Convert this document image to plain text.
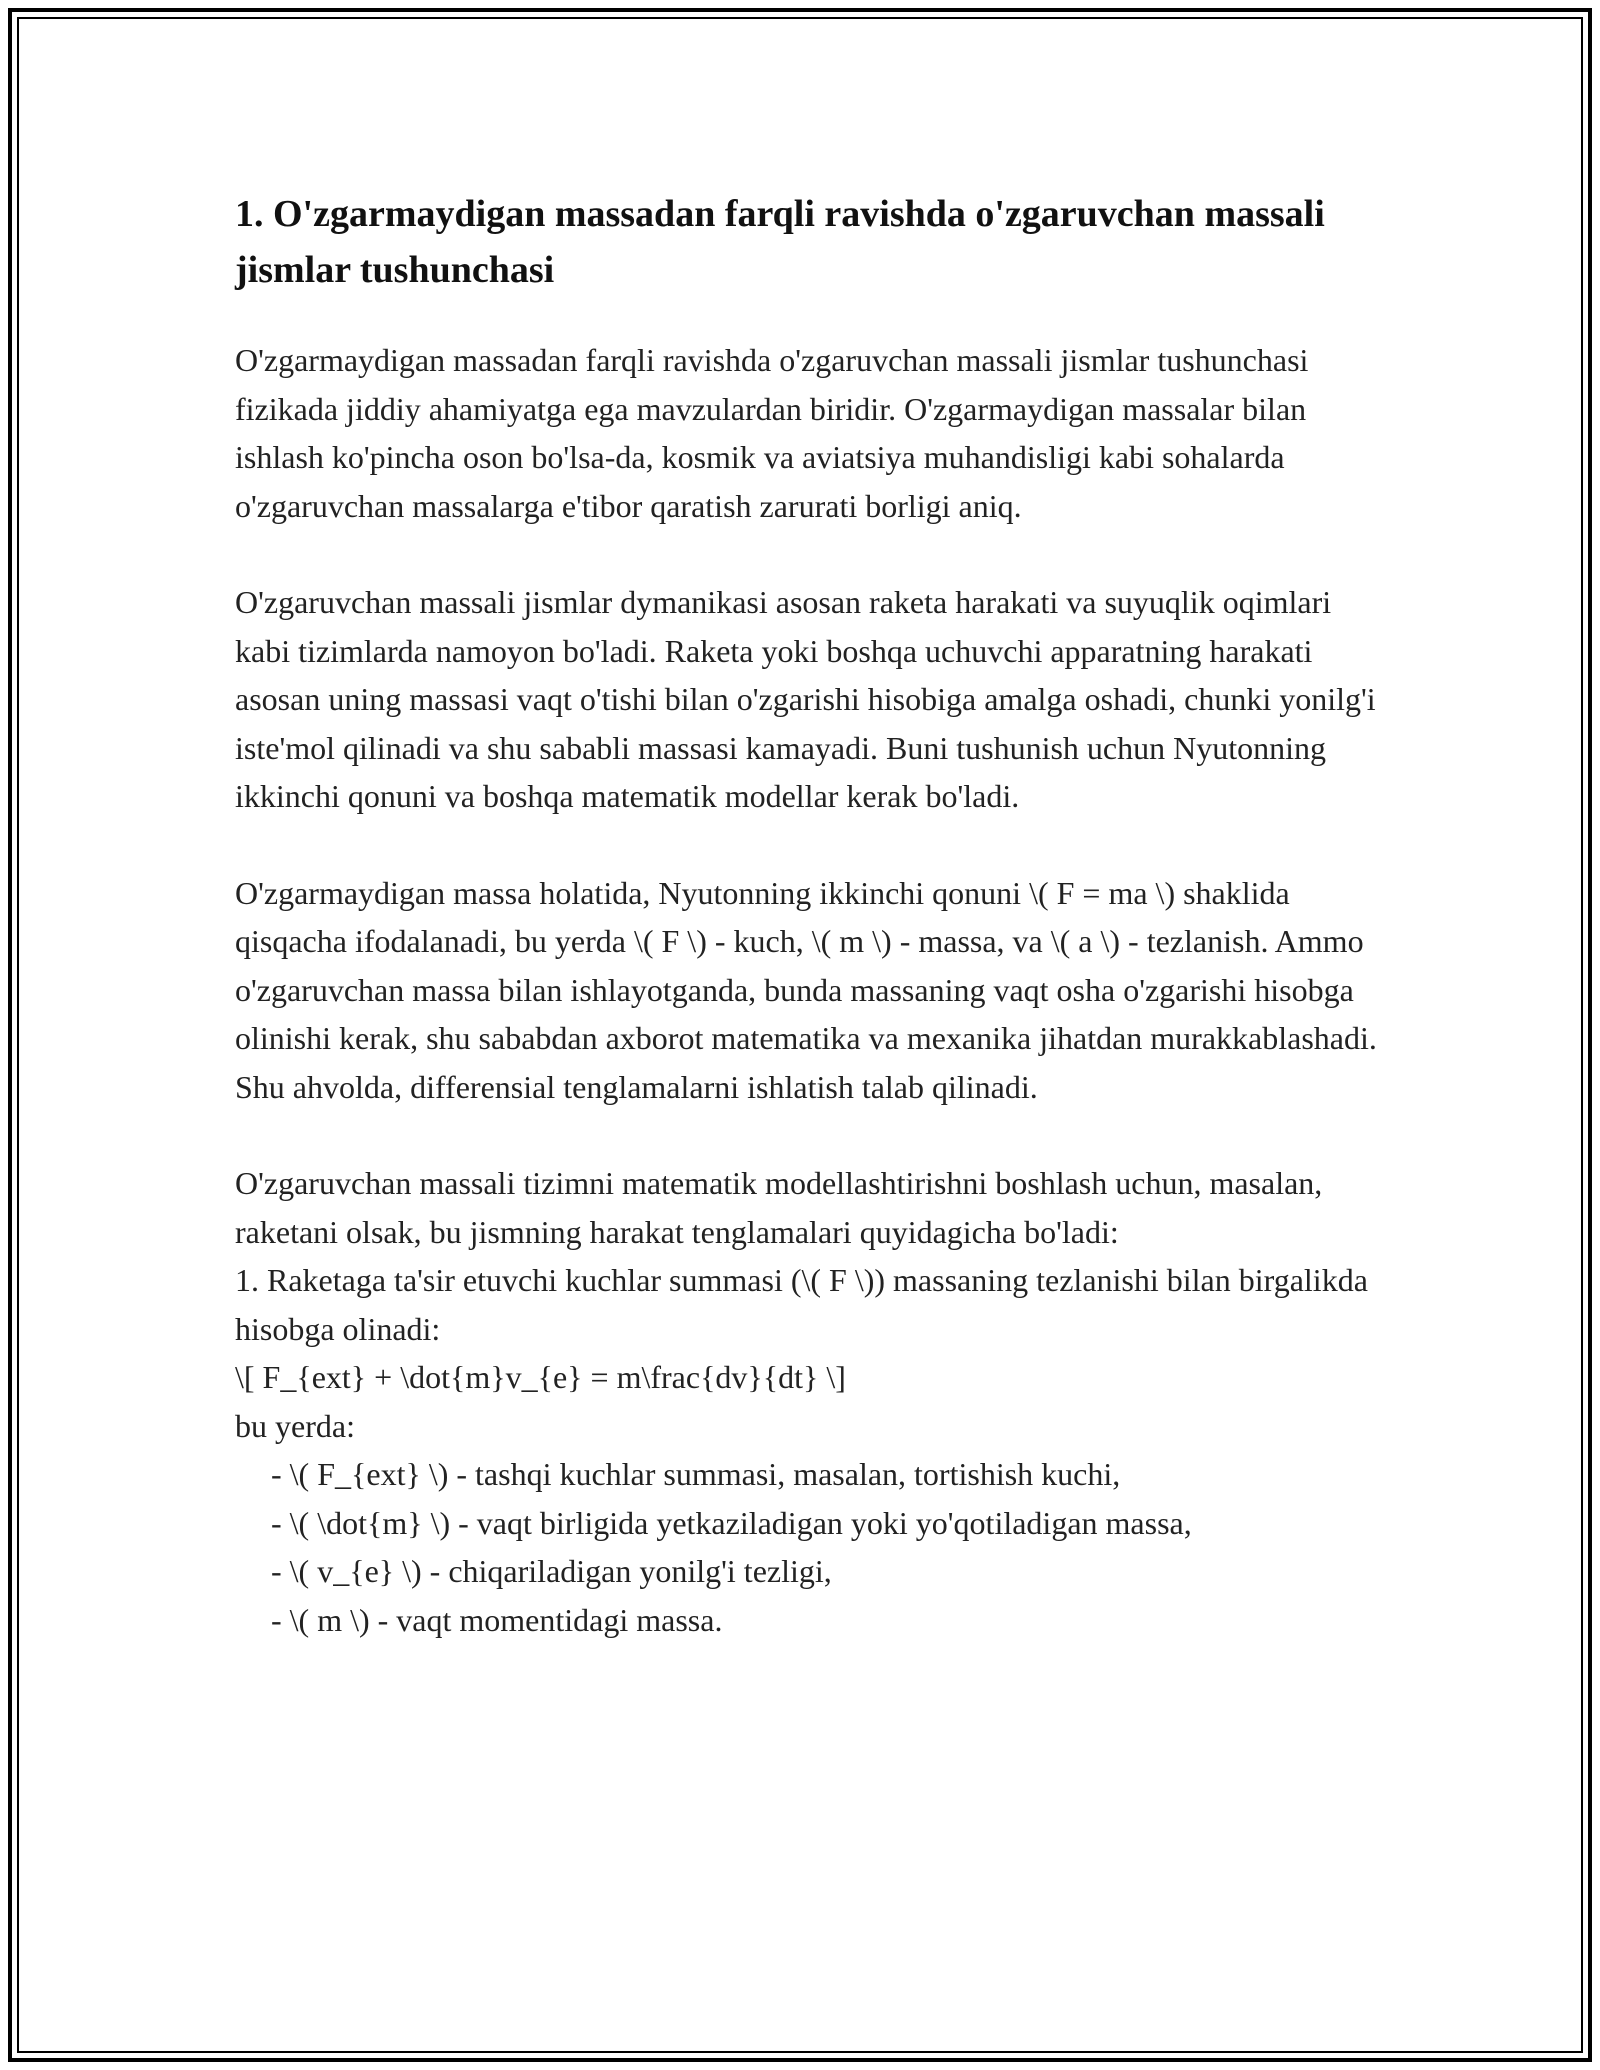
1. O'zgarmaydigan massadan farqli ravishda o'zgaruvchan massali jismlar tushunchasi
O'zgarmaydigan massadan farqli ravishda o'zgaruvchan massali jismlar tushunchasi fizikada jiddiy ahamiyatga ega mavzulardan biridir. O'zgarmaydigan massalar bilan ishlash ko'pincha oson bo'lsa-da, kosmik va aviatsiya muhandisligi kabi sohalarda o'zgaruvchan massalarga e'tibor qaratish zarurati borligi aniq.
O'zgaruvchan massali jismlar dymanikasi asosan raketa harakati va suyuqlik oqimlari kabi tizimlarda namoyon bo'ladi. Raketa yoki boshqa uchuvchi apparatning harakati asosan uning massasi vaqt o'tishi bilan o'zgarishi hisobiga amalga oshadi, chunki yonilg'i iste'mol qilinadi va shu sababli massasi kamayadi. Buni tushunish uchun Nyutonning ikkinchi qonuni va boshqa matematik modellar kerak bo'ladi.
O'zgarmaydigan massa holatida, Nyutonning ikkinchi qonuni \( F = ma \) shaklida qisqacha ifodalanadi, bu yerda \( F \) - kuch, \( m \) - massa, va \( a \) - tezlanish. Ammo o'zgaruvchan massa bilan ishlayotganda, bunda massaning vaqt osha o'zgarishi hisobga olinishi kerak, shu sababdan axborot matematika va mexanika jihatdan murakkablashadi. Shu ahvolda, differensial tenglamalarni ishlatish talab qilinadi.
O'zgaruvchan massali tizimni matematik modellashtirishni boshlash uchun, masalan, raketani olsak, bu jismning harakat tenglamalari quyidagicha bo'ladi:
1. Raketaga ta'sir etuvchi kuchlar summasi (\( F \)) massaning tezlanishi bilan birgalikda hisobga olinadi:
\[ F_{ext} + \dot{m}v_{e} = m\frac{dv}{dt} \]
bu yerda:
- \( F_{ext} \) - tashqi kuchlar summasi, masalan, tortishish kuchi,
- \( \dot{m} \) - vaqt birligida yetkaziladigan yoki yo'qotiladigan massa,
- \( v_{e} \) - chiqariladigan yonilg'i tezligi,
- \( m \) - vaqt momentidagi massa.
